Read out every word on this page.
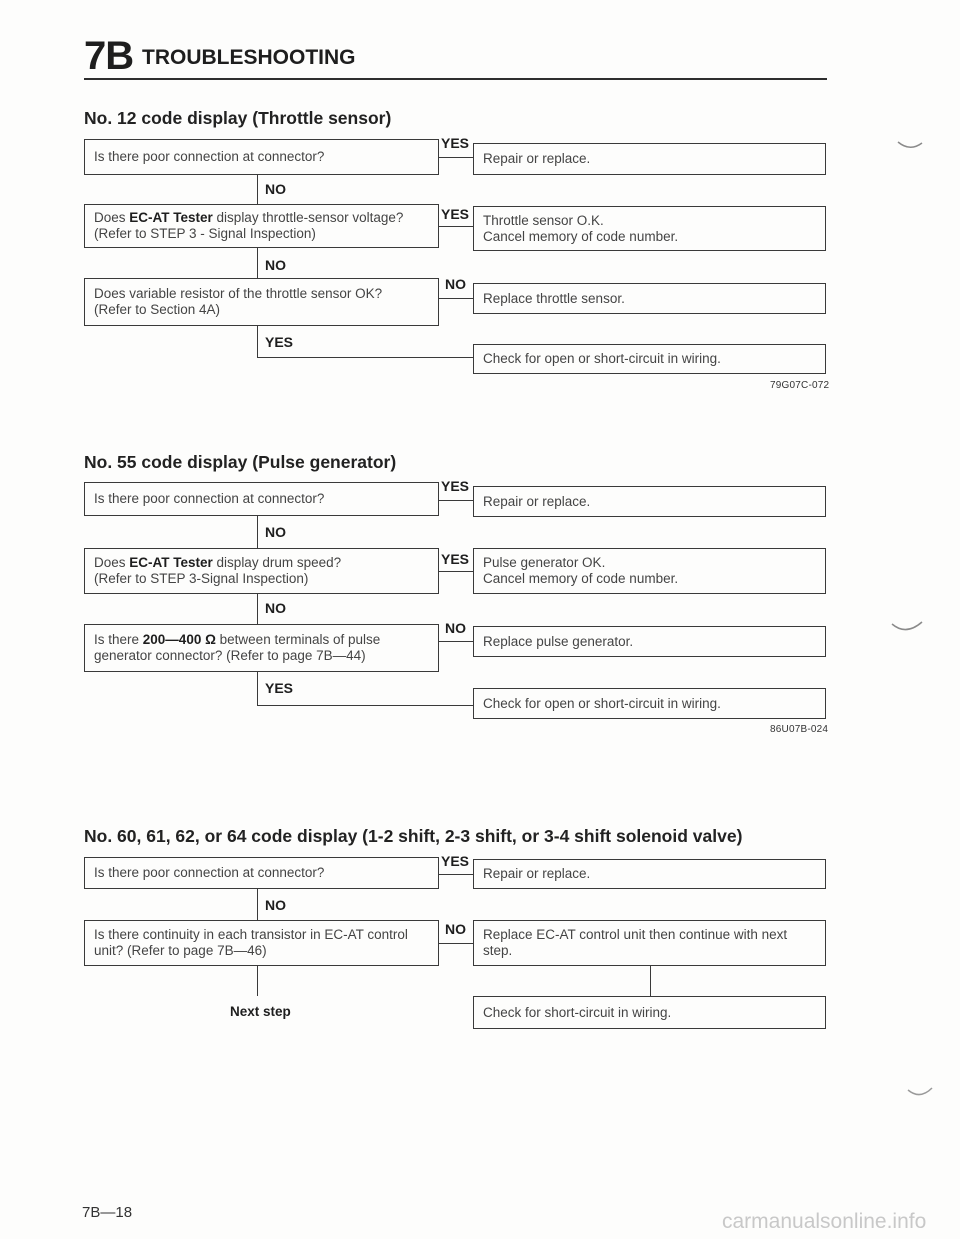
7B TROUBLESHOOTING
No. 12 code display (Throttle sensor)
Is there poor connection at connector?
YES
Repair or replace.
NO
Does EC-AT Tester display throttle-sensor voltage?
(Refer to STEP 3 - Signal Inspection)
YES Throttle sensor O.K.
Cancel memory of code number.
NO
Does variable resistor of the throttle sensor OK?
(Refer to Section 4A)
NO
Replace throttle sensor.
YES
Check for open or short-circuit in wiring.
79G07C-072
No. 55 code display (Pulse generator)
Is there poor connection at connector?
YES
Repair or replace.
NO
Does EC-AT Tester display drum speed?
(Refer to STEP 3-Signal Inspection)
YES Pulse generator OK.
Cancel memory of code number.
NO
Is there 200—400 Ω between terminals of pulse
generator connector? (Refer to page 7B—44)
NO
Replace pulse generator.
YES
Check for open or short-circuit in wiring.
86U07B-024
No. 60, 61, 62, or 64 code display (1-2 shift, 2-3 shift, or 3-4 shift solenoid valve)
Is there poor connection at connector?
YES
Repair or replace.
NO
Is there continuity in each transistor in EC-AT control
unit? (Refer to page 7B—46)
NO Replace EC-AT control unit then continue with next
step.
Next step	Check for short-circuit in wiring.
7B—18	carmanualsonline.info
